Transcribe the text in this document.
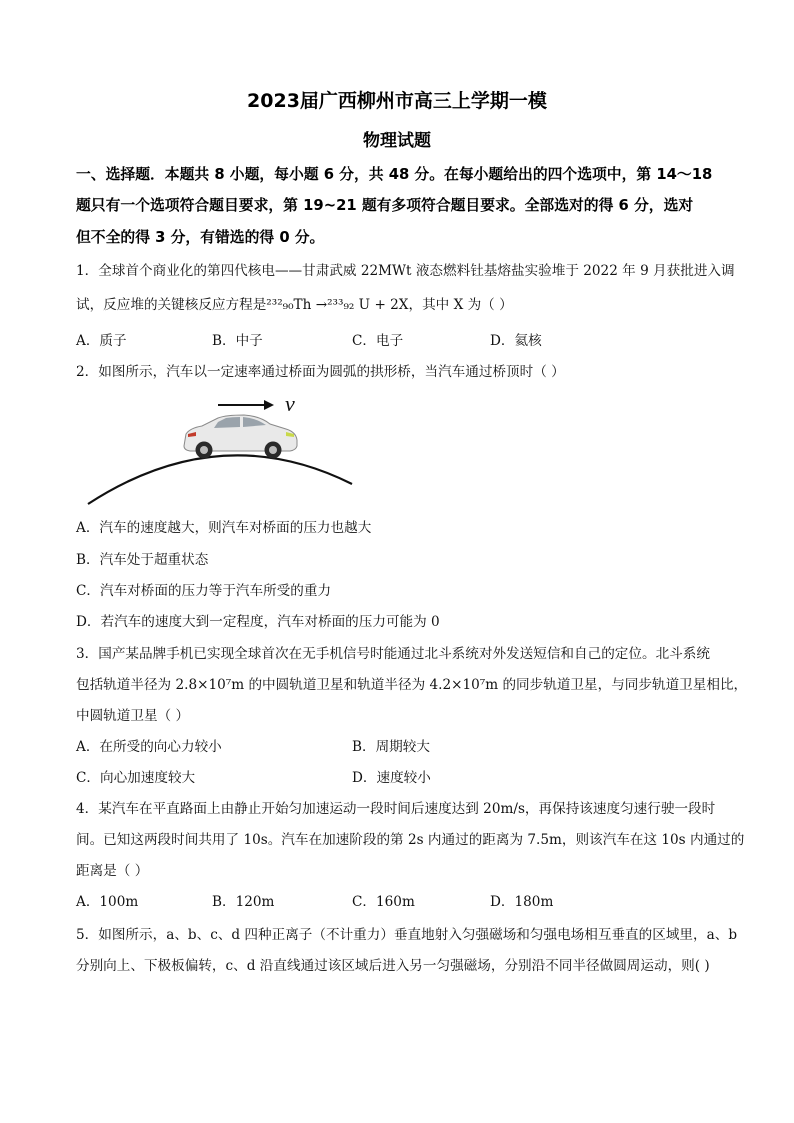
2023届广西柳州市高三上学期一模
物理试题
一、选择题．本题共 8 小题，每小题 6 分，共 48 分。在每小题给出的四个选项中，第 14～18
题只有一个选项符合题目要求，第 19~21 题有多项符合题目要求。全部选对的得 6 分，选对
但不全的得 3 分，有错选的得 0 分。
1．全球首个商业化的第四代核电——甘肃武威 22MWt 液态燃料钍基熔盐实验堆于 2022 年 9 月获批进入调
试，反应堆的关键核反应方程是²³²₉₀Th →²³³₉₂ U + 2X，其中 X 为（ ）
A．质子	B．中子	C．电子	D．氦核
2．如图所示，汽车以一定速率通过桥面为圆弧的拱形桥，当汽车通过桥顶时（ ）
v
A．汽车的速度越大，则汽车对桥面的压力也越大
B．汽车处于超重状态
C．汽车对桥面的压力等于汽车所受的重力
D．若汽车的速度大到一定程度，汽车对桥面的压力可能为 0
3．国产某品牌手机已实现全球首次在无手机信号时能通过北斗系统对外发送短信和自己的定位。北斗系统
包括轨道半径为 2.8×10⁷m 的中圆轨道卫星和轨道半径为 4.2×10⁷m 的同步轨道卫星，与同步轨道卫星相比，
中圆轨道卫星（ ）
A．在所受的向心力较小	B．周期较大
C．向心加速度较大	D．速度较小
4．某汽车在平直路面上由静止开始匀加速运动一段时间后速度达到 20m/s，再保持该速度匀速行驶一段时
间。已知这两段时间共用了 10s。汽车在加速阶段的第 2s 内通过的距离为 7.5m，则该汽车在这 10s 内通过的
距离是（ ）
A．100m	B．120m	C．160m	D．180m
5．如图所示，a、b、c、d 四种正离子（不计重力）垂直地射入匀强磁场和匀强电场相互垂直的区域里，a、b
分别向上、下极板偏转，c、d 沿直线通过该区域后进入另一匀强磁场，分别沿不同半径做圆周运动，则( )
